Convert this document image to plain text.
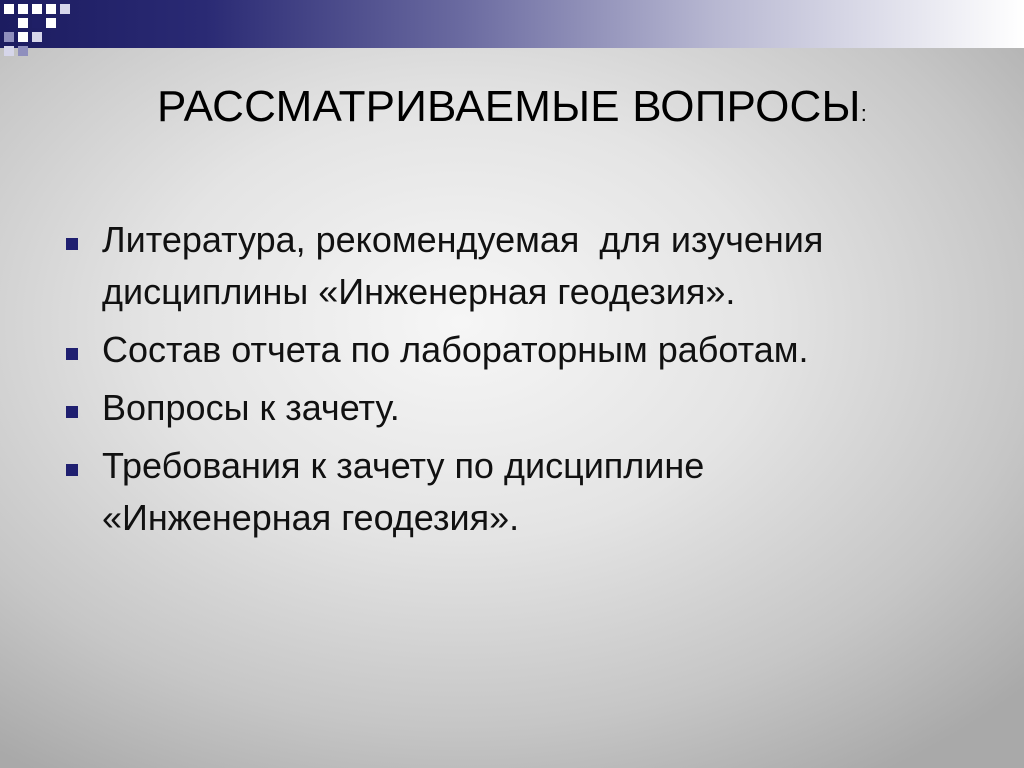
РАССМАТРИВАЕМЫЕ ВОПРОСЫ:
Литература, рекомендуемая  для изучения
дисциплины «Инженерная геодезия».
Состав отчета по лабораторным работам.
Вопросы к зачету.
Требования к зачету по дисциплине
«Инженерная геодезия».
